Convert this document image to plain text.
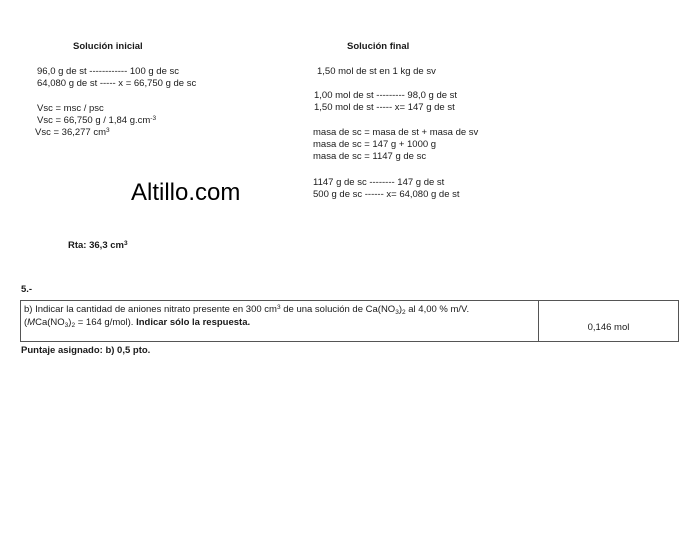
Solución inicial
96,0 g de st ------------ 100 g de sc
64,080 g de st ----- x = 66,750 g de sc
Vsc = msc / psc
Vsc = 66,750 g / 1,84 $g.cm^{-3}$
Vsc = 36,277 $cm^3$
Altillo.com
Rta: 36,3 $cm^3$
Solución final
1,50 mol de st en 1 kg de sv
1,00 mol de st --------- 98,0 g de st
1,50 mol de st ----- x= 147 g de st
masa de sc = masa de st + masa de sv
masa de sc = 147 g + 1000 g
masa de sc = 1147 g de sc
1147 g de sc -------- 147 g de st
500 g de sc ------ x= 64,080 g de st
5.-
b) Indicar la cantidad de aniones nitrato presente en 300 $cm^3$ de una solución de $Ca(NO_3)_2$ al 4,00 % m/V.
($MCa(NO_3)_2 = 164$ g/mol). Indicar sólo la respuesta.	0,146 mol
Puntaje asignado: b) 0,5 pto.
